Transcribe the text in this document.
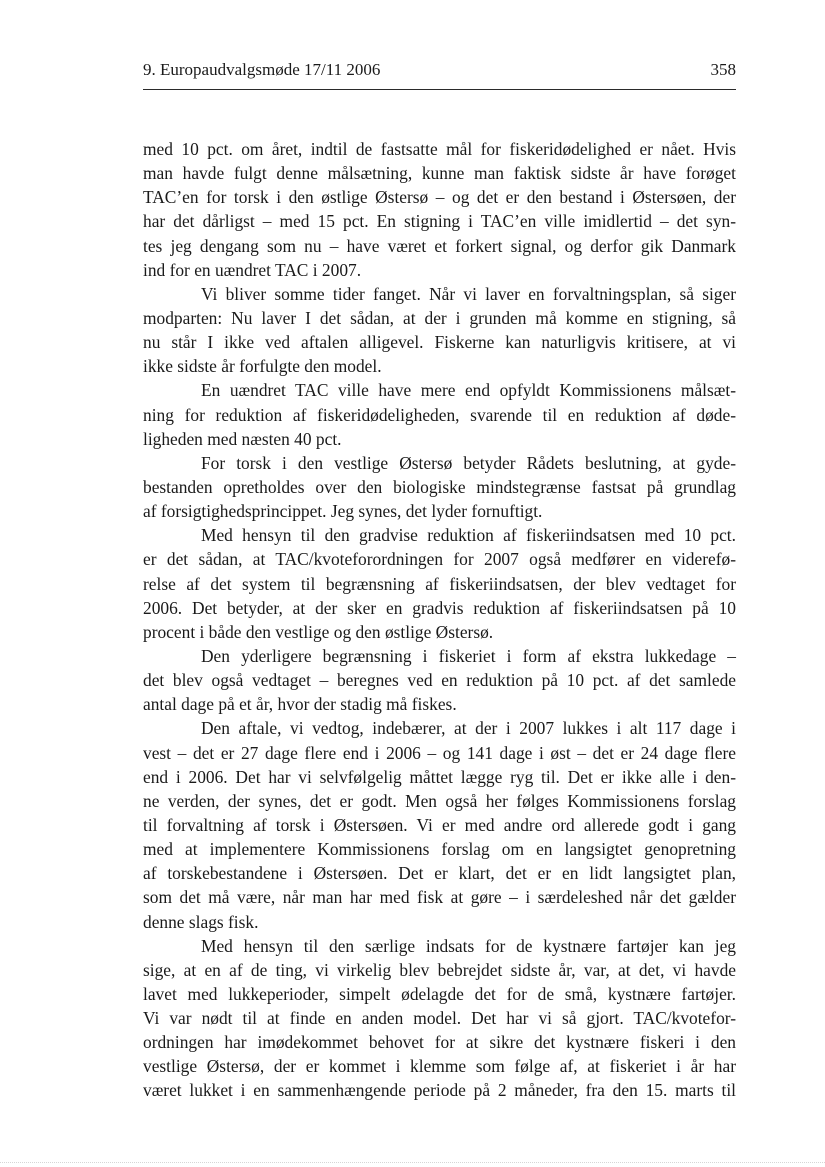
9. Europaudvalgsmøde 17/11 2006	358
med 10 pct. om året, indtil de fastsatte mål for fiskeridødelighed er nået. Hvis
man havde fulgt denne målsætning, kunne man faktisk sidste år have forøget
TAC’en for torsk i den østlige Østersø – og det er den bestand i Østersøen, der
har det dårligst – med 15 pct. En stigning i TAC’en ville imidlertid – det syn-
tes jeg dengang som nu – have været et forkert signal, og derfor gik Danmark
ind for en uændret TAC i 2007.
Vi bliver somme tider fanget. Når vi laver en forvaltningsplan, så siger
modparten: Nu laver I det sådan, at der i grunden må komme en stigning, så
nu står I ikke ved aftalen alligevel. Fiskerne kan naturligvis kritisere, at vi
ikke sidste år forfulgte den model.
En uændret TAC ville have mere end opfyldt Kommissionens målsæt-
ning for reduktion af fiskeridødeligheden, svarende til en reduktion af døde-
ligheden med næsten 40 pct.
For torsk i den vestlige Østersø betyder Rådets beslutning, at gyde-
bestanden opretholdes over den biologiske mindstegrænse fastsat på grundlag
af forsigtighedsprincippet. Jeg synes, det lyder fornuftigt.
Med hensyn til den gradvise reduktion af fiskeriindsatsen med 10 pct.
er det sådan, at TAC/kvoteforordningen for 2007 også medfører en viderefø-
relse af det system til begrænsning af fiskeriindsatsen, der blev vedtaget for
2006. Det betyder, at der sker en gradvis reduktion af fiskeriindsatsen på 10
procent i både den vestlige og den østlige Østersø.
Den yderligere begrænsning i fiskeriet i form af ekstra lukkedage –
det blev også vedtaget – beregnes ved en reduktion på 10 pct. af det samlede
antal dage på et år, hvor der stadig må fiskes.
Den aftale, vi vedtog, indebærer, at der i 2007 lukkes i alt 117 dage i
vest – det er 27 dage flere end i 2006 – og 141 dage i øst – det er 24 dage flere
end i 2006. Det har vi selvfølgelig måttet lægge ryg til. Det er ikke alle i den-
ne verden, der synes, det er godt. Men også her følges Kommissionens forslag
til forvaltning af torsk i Østersøen. Vi er med andre ord allerede godt i gang
med at implementere Kommissionens forslag om en langsigtet genopretning
af torskebestandene i Østersøen. Det er klart, det er en lidt langsigtet plan,
som det må være, når man har med fisk at gøre – i særdeleshed når det gælder
denne slags fisk.
Med hensyn til den særlige indsats for de kystnære fartøjer kan jeg
sige, at en af de ting, vi virkelig blev bebrejdet sidste år, var, at det, vi havde
lavet med lukkeperioder, simpelt ødelagde det for de små, kystnære fartøjer.
Vi var nødt til at finde en anden model. Det har vi så gjort. TAC/kvotefor-
ordningen har imødekommet behovet for at sikre det kystnære fiskeri i den
vestlige Østersø, der er kommet i klemme som følge af, at fiskeriet i år har
været lukket i en sammenhængende periode på 2 måneder, fra den 15. marts til
